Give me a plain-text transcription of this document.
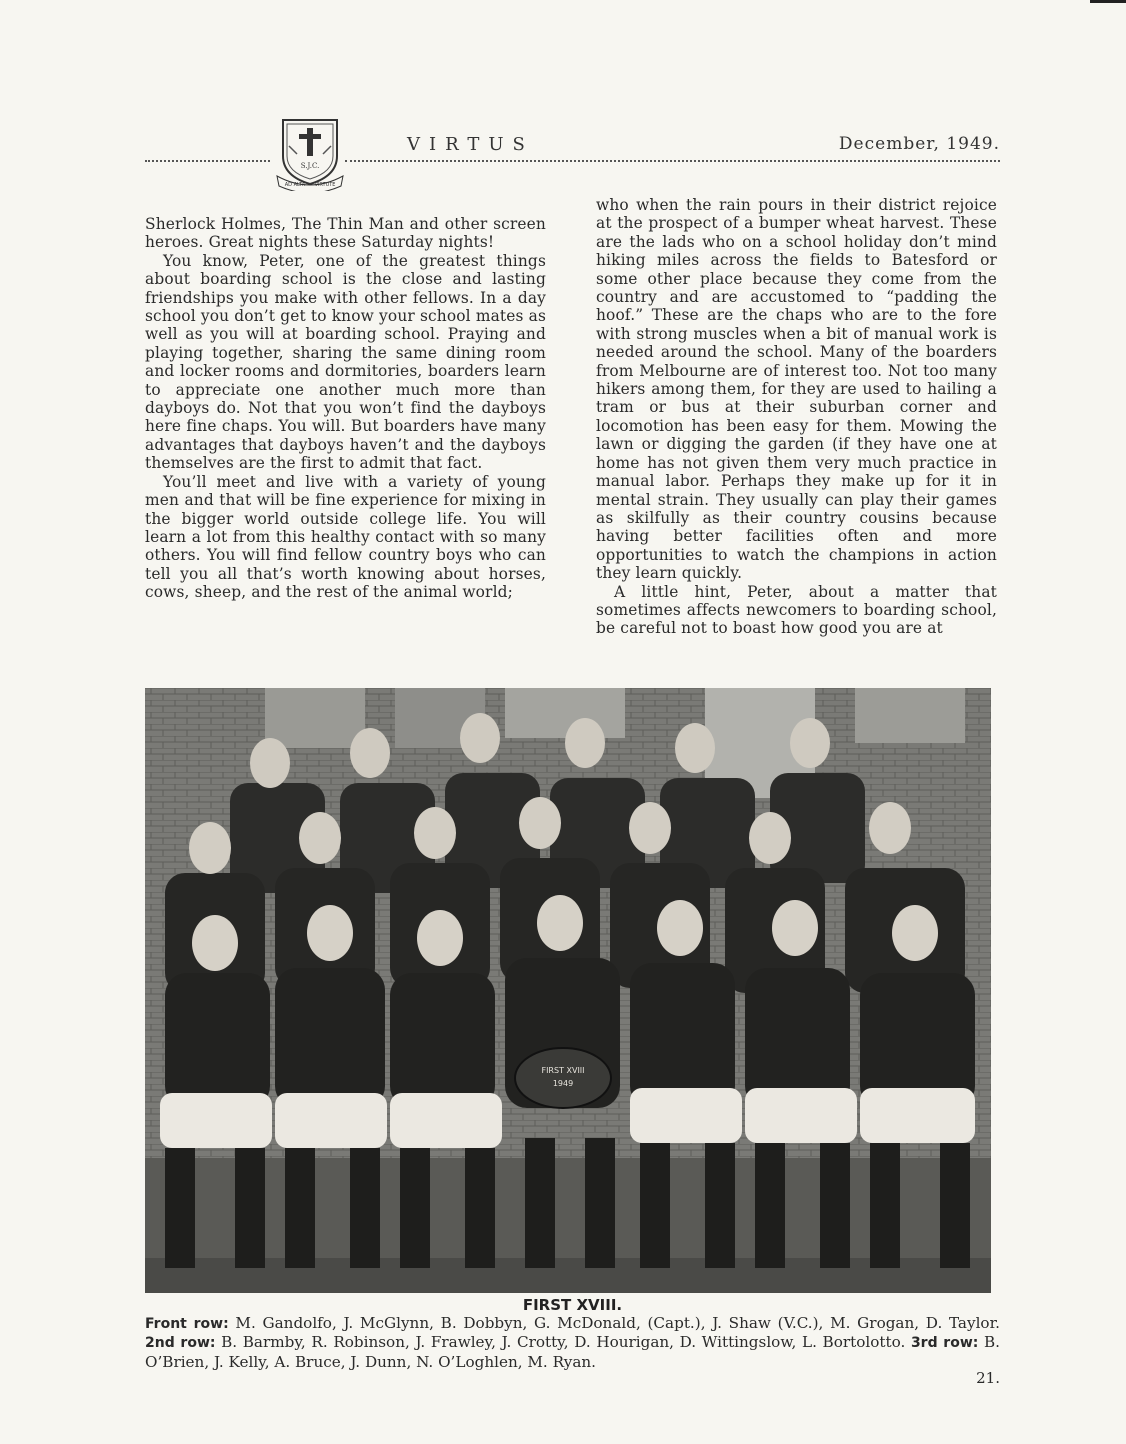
S.J.C.
AD ALTA VIRTUTE
VIRTUS	December, 1949.

Sherlock Holmes, The Thin Man and other screen heroes. Great nights these Saturday nights!

You know, Peter, one of the greatest things about boarding school is the close and lasting friendships you make with other fellows. In a day school you don’t get to know your school mates as well as you will at boarding school. Praying and playing together, sharing the same dining room and locker rooms and dormitories, boarders learn to appreciate one another much more than dayboys do. Not that you won’t find the dayboys here fine chaps. You will. But boarders have many advantages that dayboys haven’t and the dayboys themselves are the first to admit that fact.

You’ll meet and live with a variety of young men and that will be fine experience for mixing in the bigger world outside college life. You will learn a lot from this healthy contact with so many others. You will find fellow country boys who can tell you all that’s worth knowing about horses, cows, sheep, and the rest of the animal world;

who when the rain pours in their district rejoice at the prospect of a bumper wheat harvest. These are the lads who on a school holiday don’t mind hiking miles across the fields to Batesford or some other place because they come from the country and are accustomed to “padding the hoof.” These are the chaps who are to the fore with strong muscles when a bit of manual work is needed around the school. Many of the boarders from Melbourne are of interest too. Not too many hikers among them, for they are used to hailing a tram or bus at their suburban corner and locomotion has been easy for them. Mowing the lawn or digging the garden (if they have one at home has not given them very much practice in manual labor. Perhaps they make up for it in mental strain. They usually can play their games as skilfully as their country cousins because having better facilities often and more opportunities to watch the champions in action they learn quickly.

A little hint, Peter, about a matter that sometimes affects newcomers to boarding school, be careful not to boast how good you are at

FIRST XVIII
1949
FIRST XVIII.
Front row: M. Gandolfo, J. McGlynn, B. Dobbyn, G. McDonald, (Capt.), J. Shaw (V.C.), M. Grogan, D. Taylor. 2nd row: B. Barmby, R. Robinson, J. Frawley, J. Crotty, D. Hourigan, D. Wittingslow, L. Bortolotto. 3rd row: B. O’Brien, J. Kelly, A. Bruce, J. Dunn, N. O’Loghlen, M. Ryan.
21.
